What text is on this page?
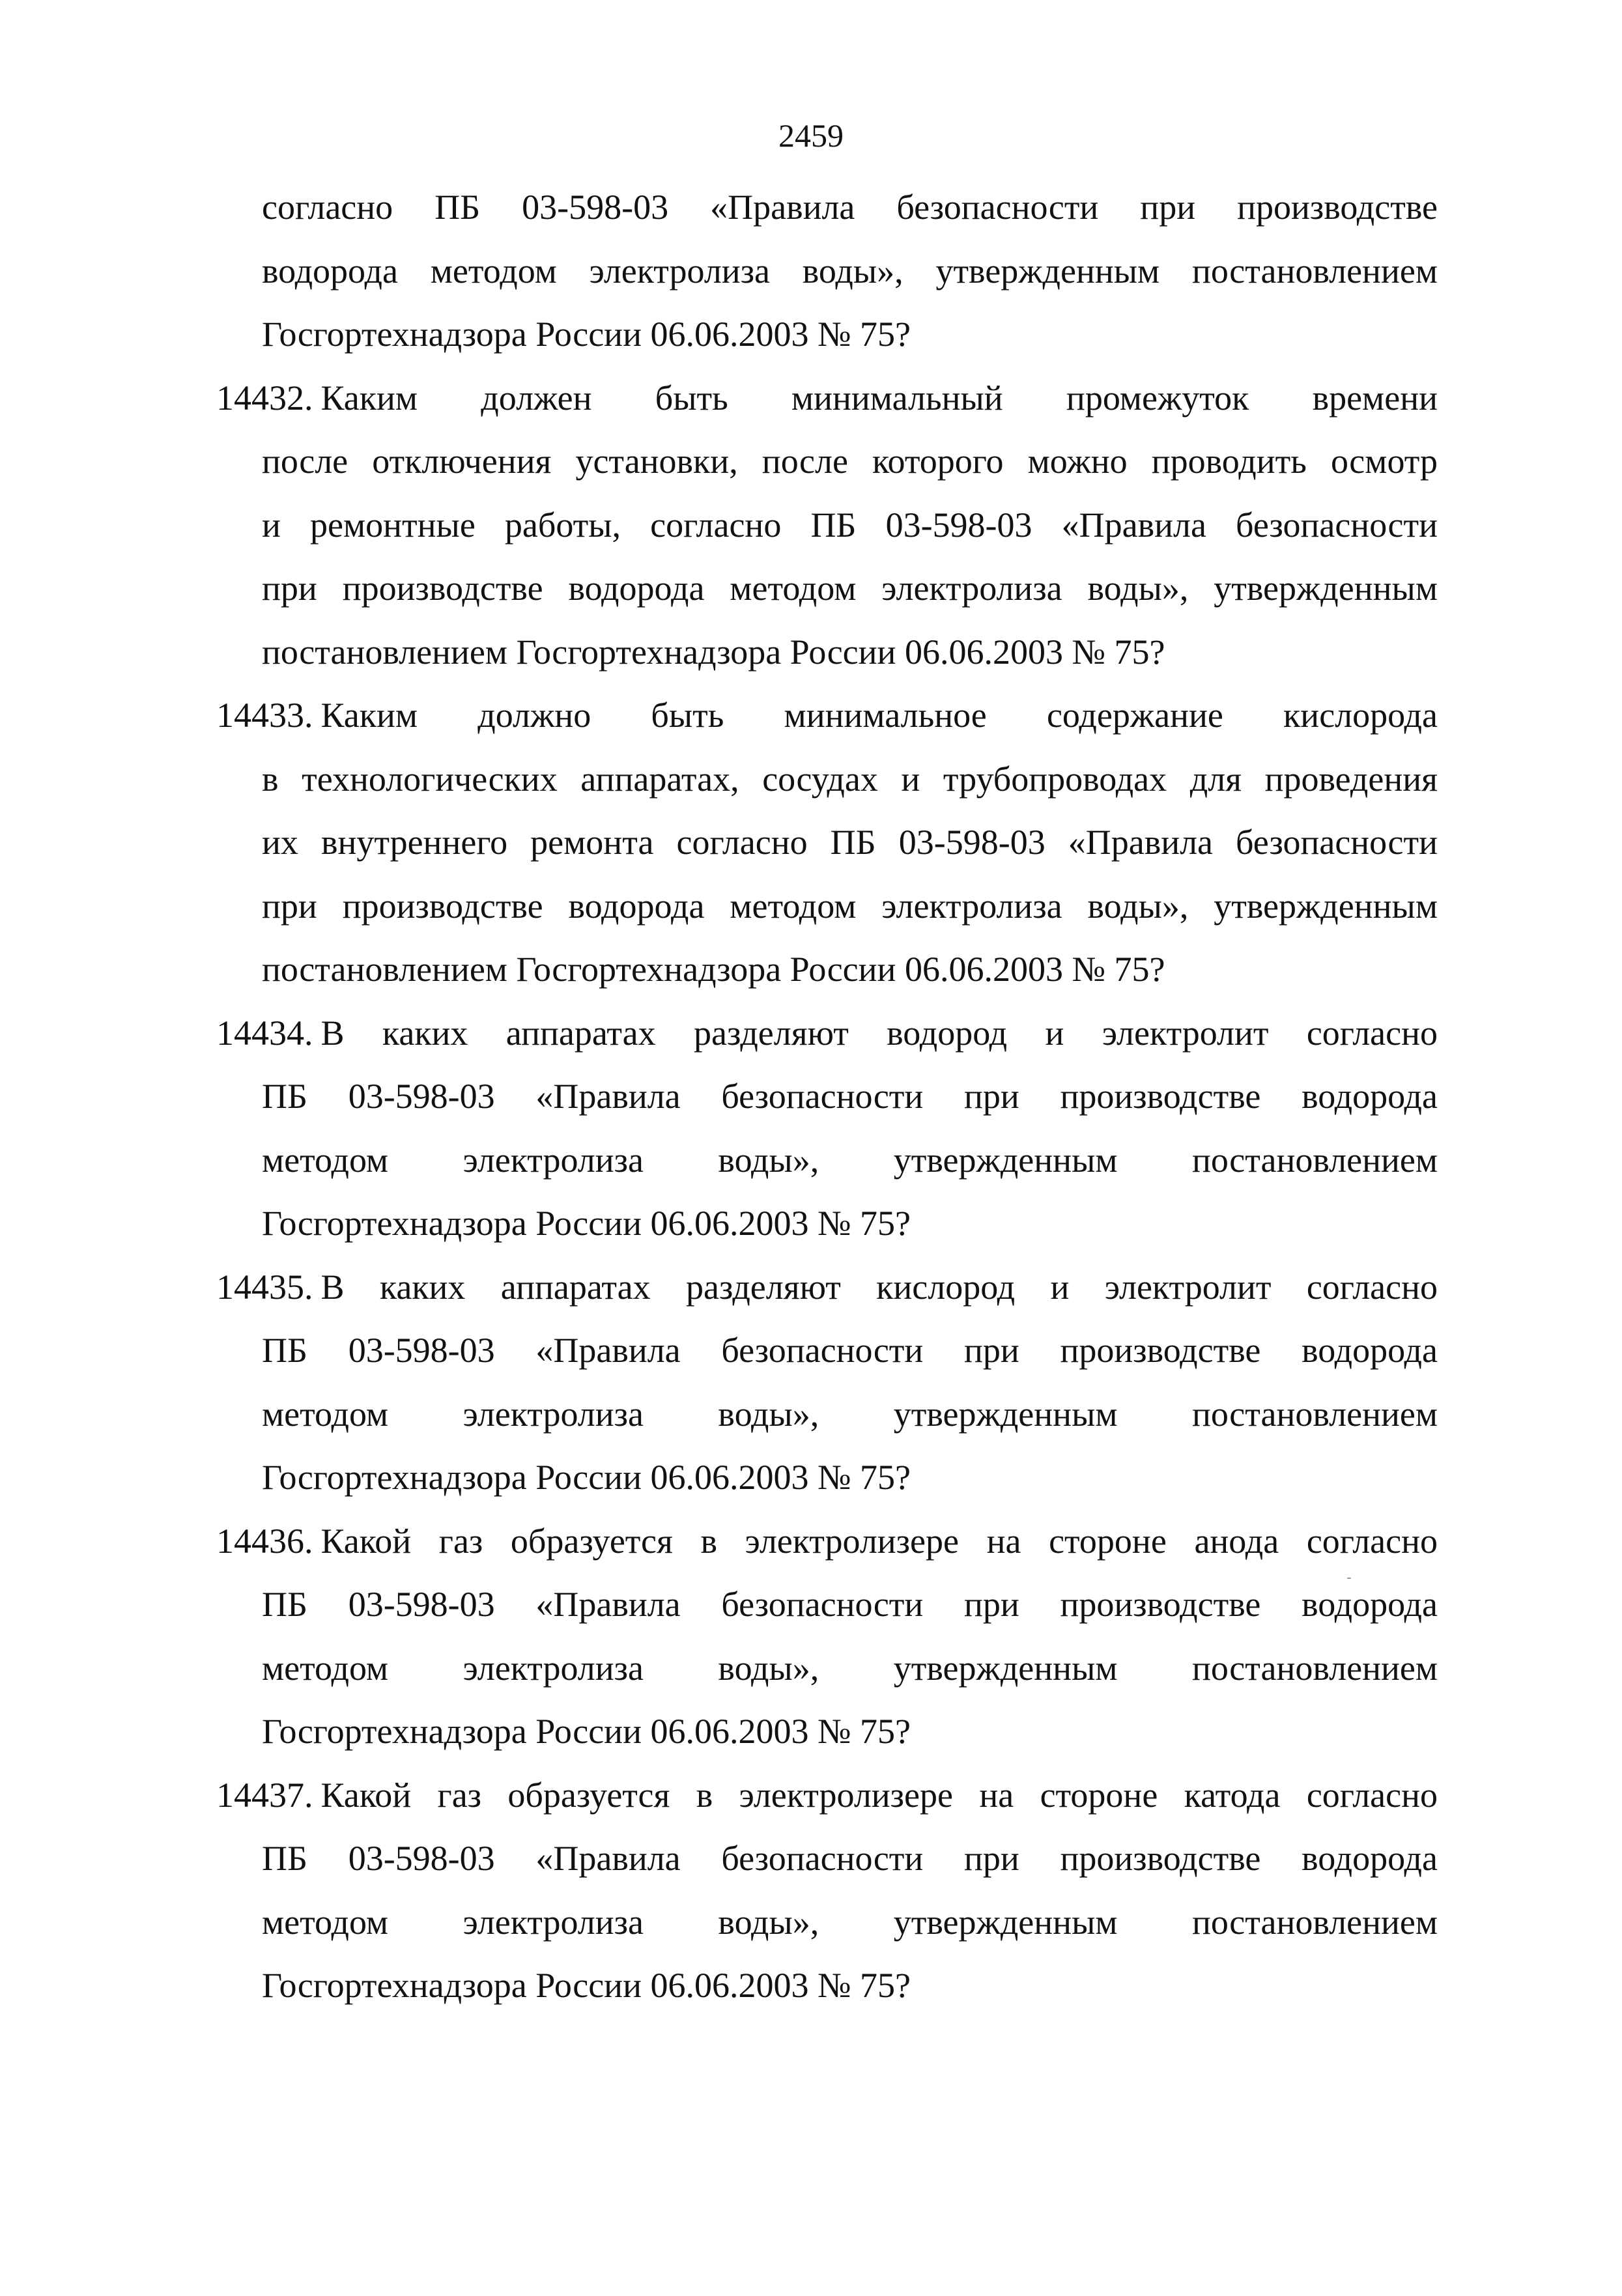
2459
согласно ПБ 03-598-03 «Правила безопасности при производстве
водорода методом электролиза воды», утвержденным постановлением
Госгортехнадзора России 06.06.2003 № 75?
14432. Каким должен быть минимальный промежуток времени
после отключения установки, после которого можно проводить осмотр
и ремонтные работы, согласно ПБ 03-598-03 «Правила безопасности
при производстве водорода методом электролиза воды», утвержденным
постановлением Госгортехнадзора России 06.06.2003 № 75?
14433. Каким должно быть минимальное содержание кислорода
в технологических аппаратах, сосудах и трубопроводах для проведения
их внутреннего ремонта согласно ПБ 03-598-03 «Правила безопасности
при производстве водорода методом электролиза воды», утвержденным
постановлением Госгортехнадзора России 06.06.2003 № 75?
14434. В каких аппаратах разделяют водород и электролит согласно
ПБ 03-598-03 «Правила безопасности при производстве водорода
методом электролиза воды», утвержденным постановлением
Госгортехнадзора России 06.06.2003 № 75?
14435. В каких аппаратах разделяют кислород и электролит согласно
ПБ 03-598-03 «Правила безопасности при производстве водорода
методом электролиза воды», утвержденным постановлением
Госгортехнадзора России 06.06.2003 № 75?
14436. Какой газ образуется в электролизере на стороне анода согласно
ПБ 03-598-03 «Правила безопасности при производстве водорода
методом электролиза воды», утвержденным постановлением
Госгортехнадзора России 06.06.2003 № 75?
14437. Какой газ образуется в электролизере на стороне катода согласно
ПБ 03-598-03 «Правила безопасности при производстве водорода
методом электролиза воды», утвержденным постановлением
Госгортехнадзора России 06.06.2003 № 75?
